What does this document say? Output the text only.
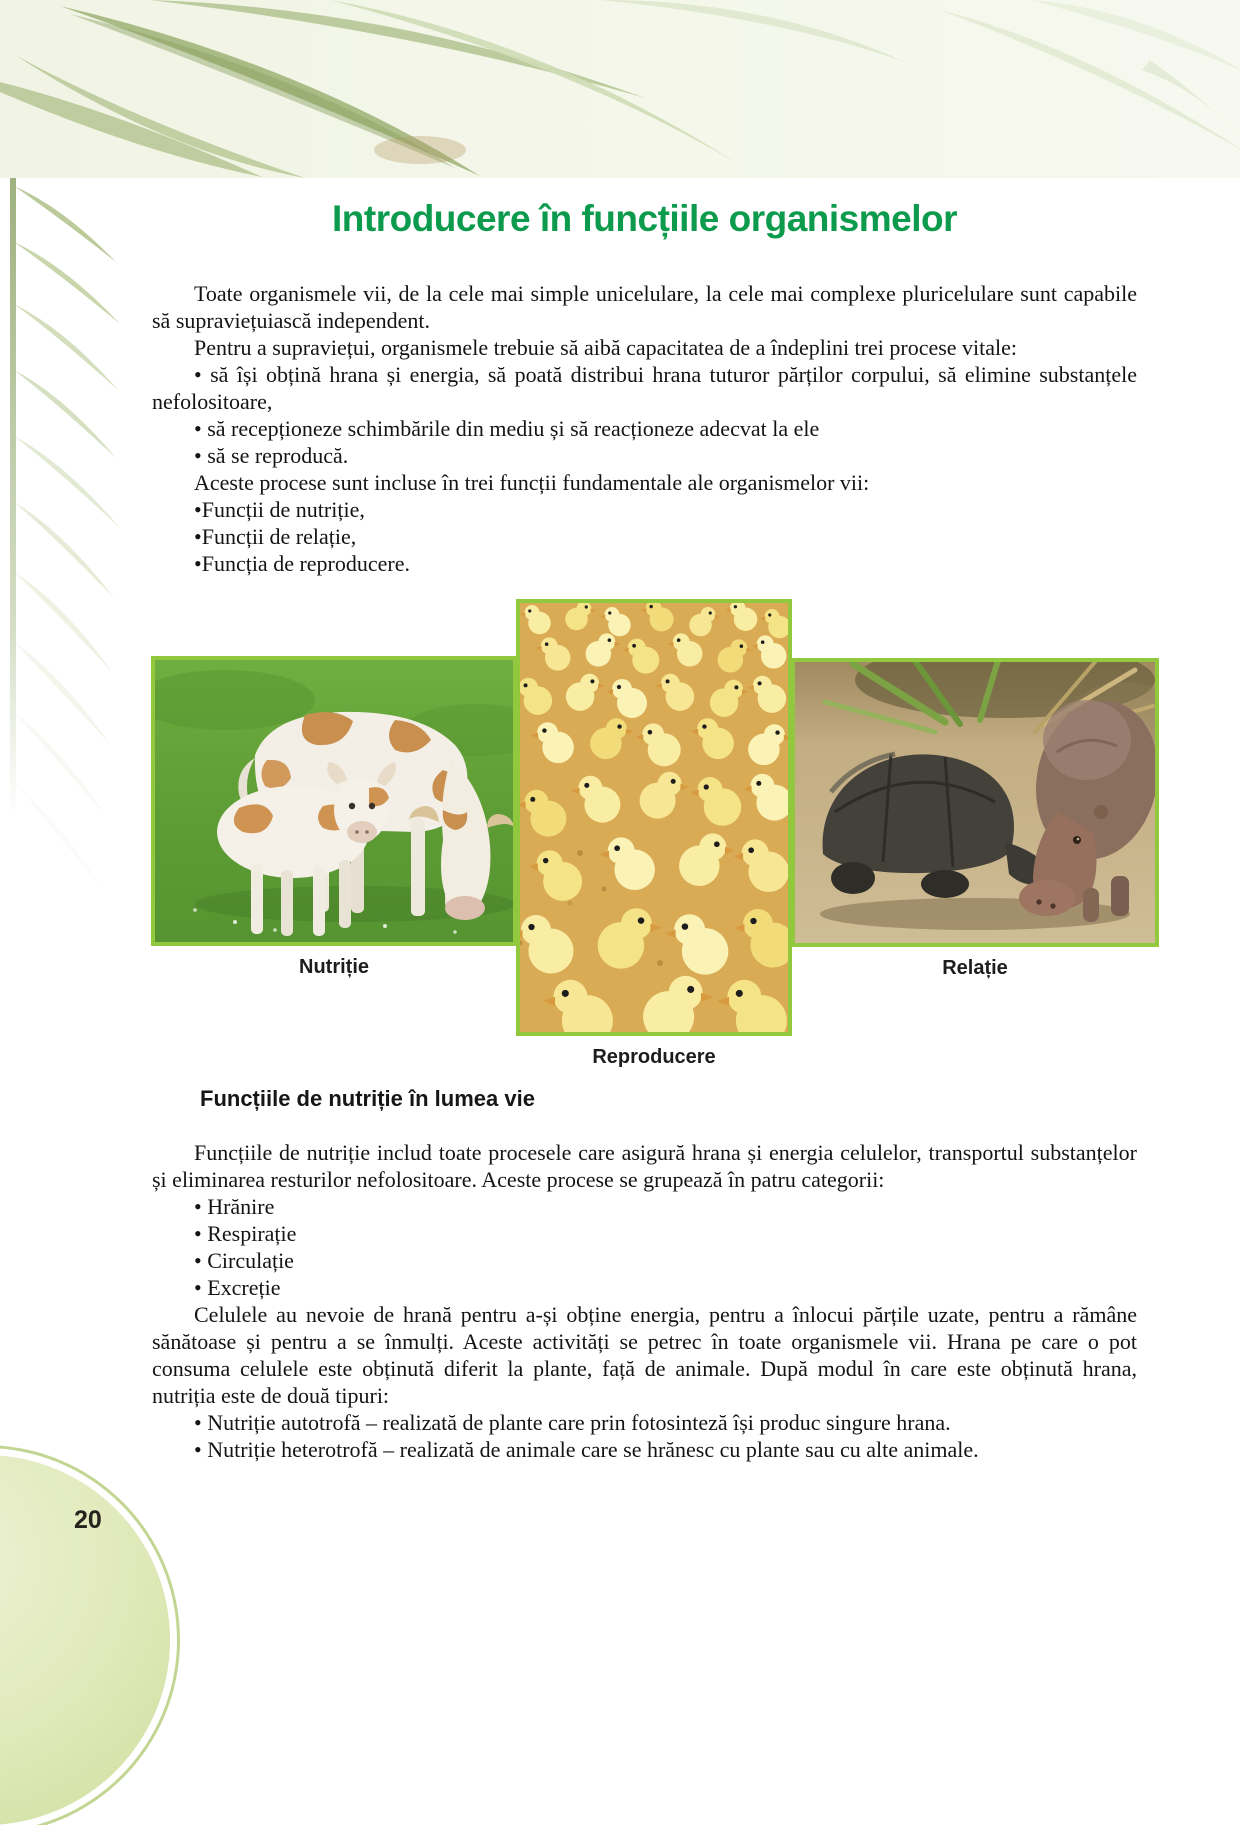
20
Introducere în funcțiile organismelor

Toate organismele vii, de la cele mai simple unicelulare, la cele mai complexe pluricelulare sunt capabile să supraviețuiască independent.

Pentru a supraviețui, organismele trebuie să aibă capacitatea de a îndeplini trei procese vitale:

• să își obțină hrana și energia, să poată distribui hrana tuturor părților corpului, să elimine substanțele nefolositoare,

• să recepționeze schimbările din mediu și să reacționeze adecvat la ele

• să se reproducă.

Aceste procese sunt incluse în trei funcții fundamentale ale organismelor vii:

•Funcții de nutriție,

•Funcții de relație,

•Funcția de reproducere.

Nutriție
Reproducere
Relație
Funcțiile de nutriție în lumea vie

Funcțiile de nutriție includ toate procesele care asigură hrana și energia celulelor, transportul substanțelor și eliminarea resturilor nefolositoare. Aceste procese se grupează în patru categorii:

• Hrănire

• Respirație

• Circulație

• Excreție

Celulele au nevoie de hrană pentru a-și obține energia, pentru a înlocui părțile uzate, pentru a rămâne sănătoase și pentru a se înmulți. Aceste activități se petrec în toate organismele vii. Hrana pe care o pot consuma celulele este obținută diferit la plante, față de animale. După modul în care este obținută hrana, nutriția este de două tipuri:

• Nutriție autotrofă – realizată de plante care prin fotosinteză își produc singure hrana.

• Nutriție heterotrofă – realizată de animale care se hrănesc cu plante sau cu alte animale.
